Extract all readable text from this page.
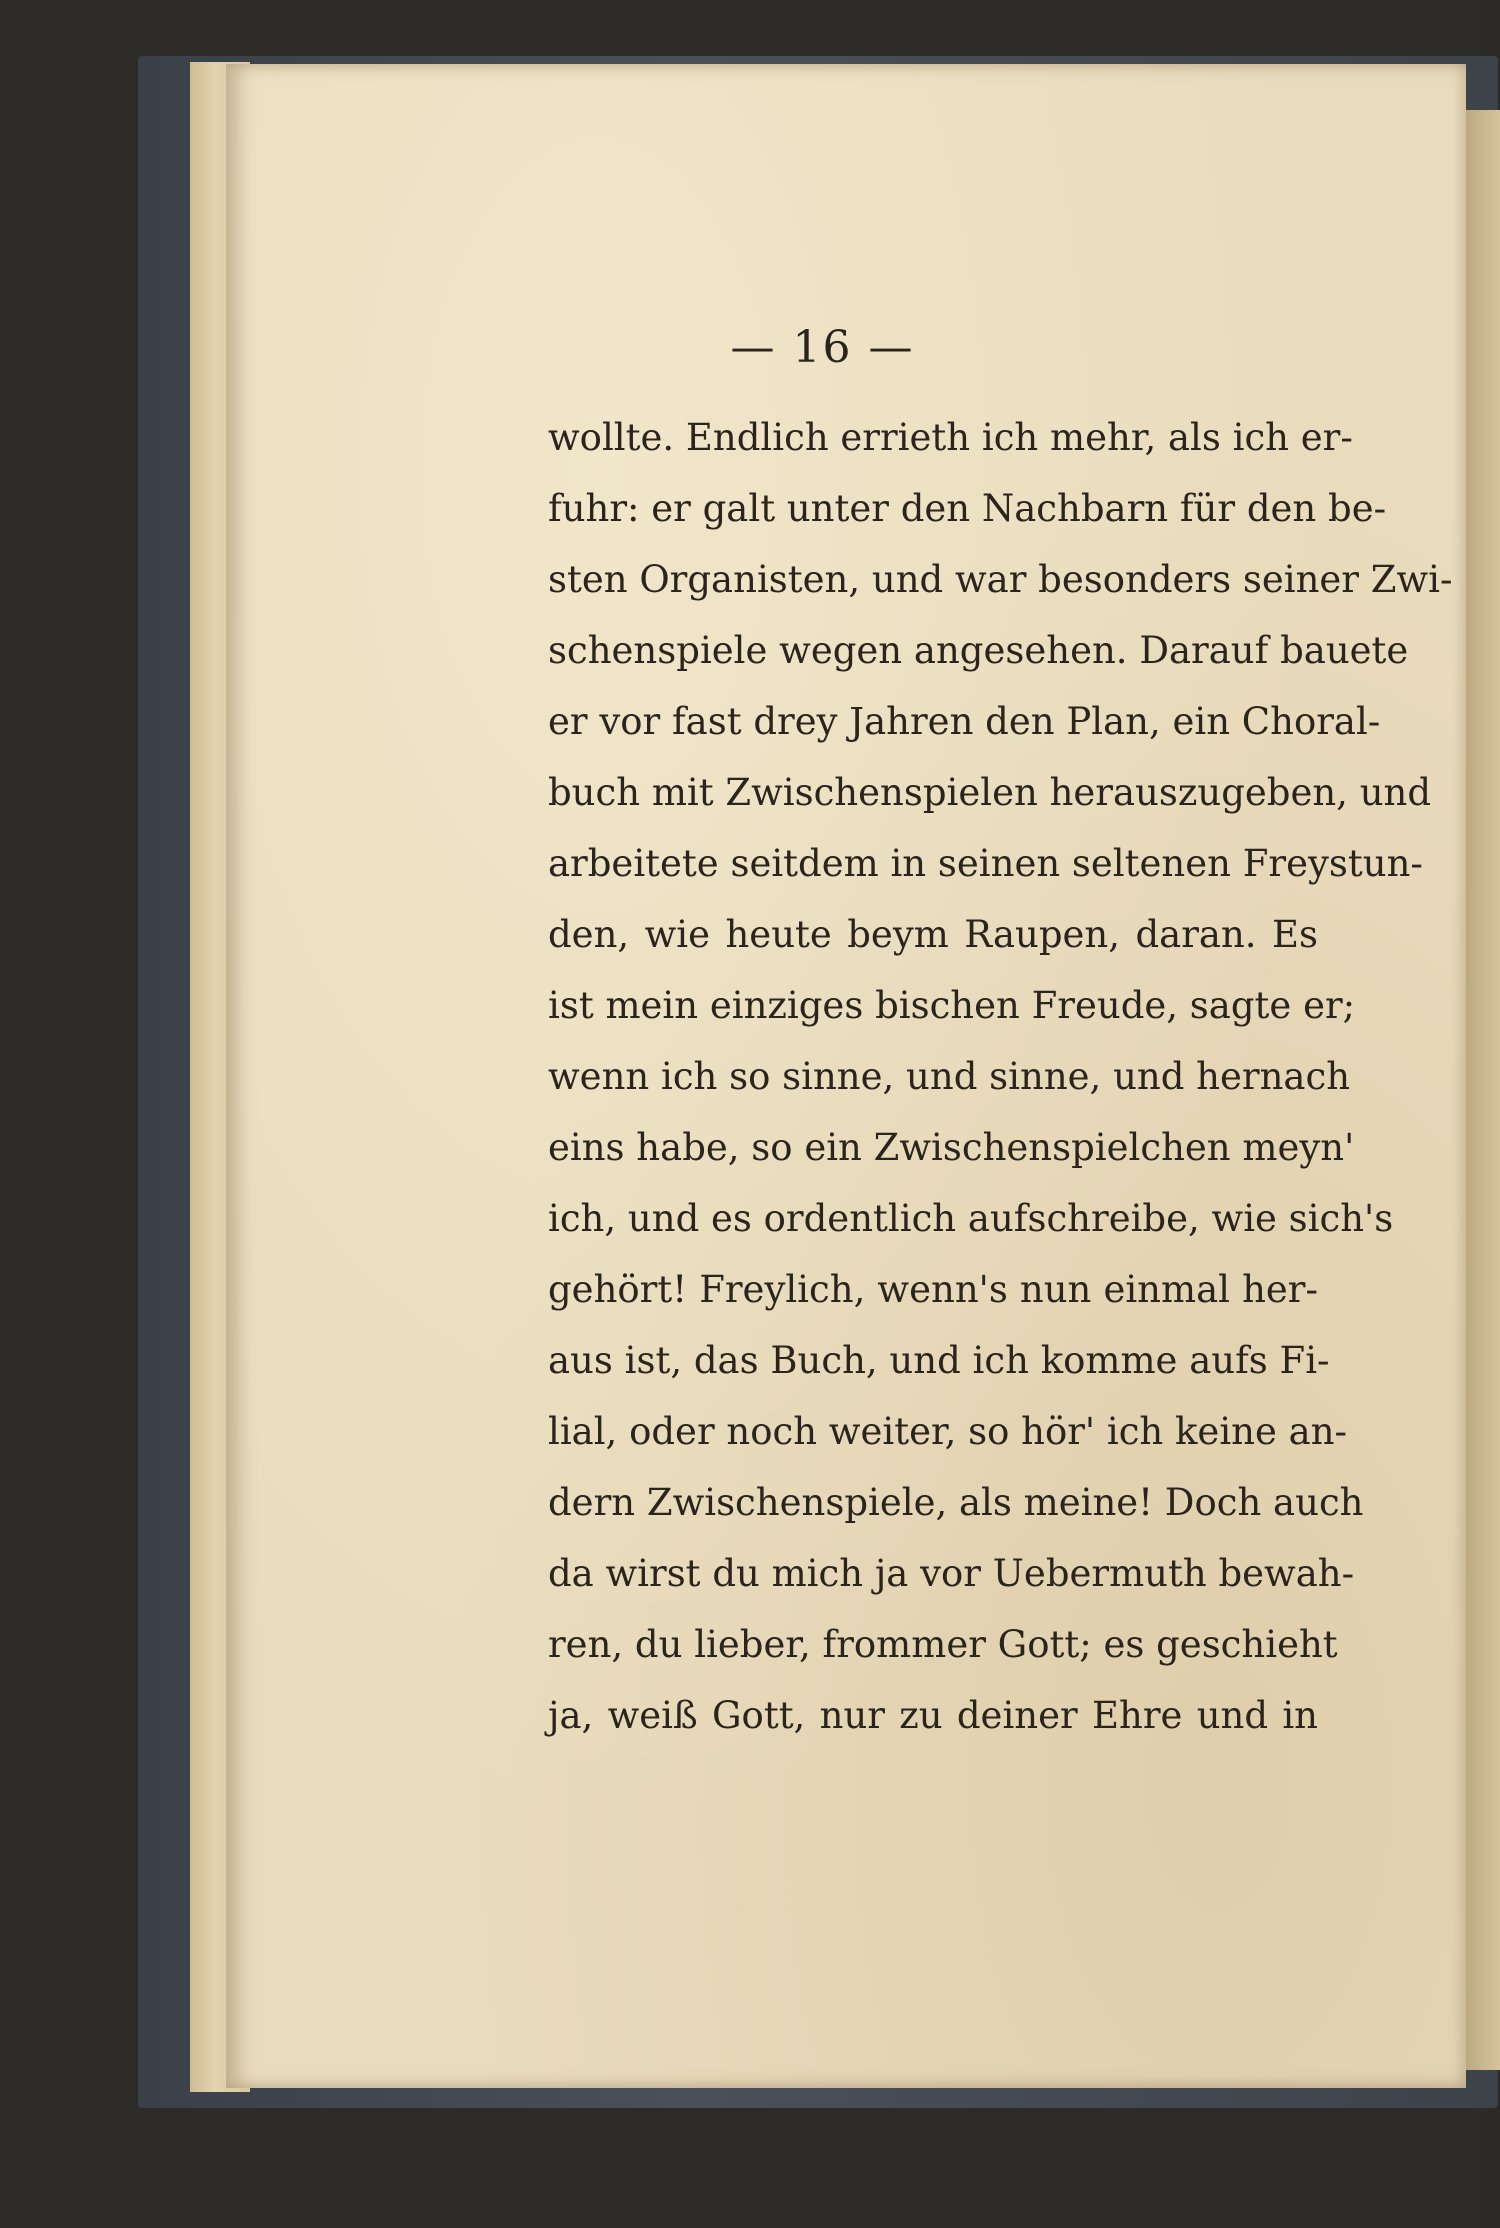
— 16 —
wollte. Endlich errieth ich mehr, als ich er-
fuhr: er galt unter den Nachbarn für den be-
sten Organisten, und war besonders seiner Zwi-
schenspiele wegen angesehen. Darauf bauete
er vor fast drey Jahren den Plan, ein Choral-
buch mit Zwischenspielen herauszugeben, und
arbeitete seitdem in seinen seltenen Freystun-
den, wie heute beym Raupen, daran. Es
ist mein einziges bischen Freude, sagte er;
wenn ich so sinne, und sinne, und hernach
eins habe, so ein Zwischenspielchen meyn'
ich, und es ordentlich aufschreibe, wie sich's
gehört! Freylich, wenn's nun einmal her-
aus ist, das Buch, und ich komme aufs Fi-
lial, oder noch weiter, so hör' ich keine an-
dern Zwischenspiele, als meine! Doch auch
da wirst du mich ja vor Uebermuth bewah-
ren, du lieber, frommer Gott; es geschieht
ja, weiß Gott, nur zu deiner Ehre und in
